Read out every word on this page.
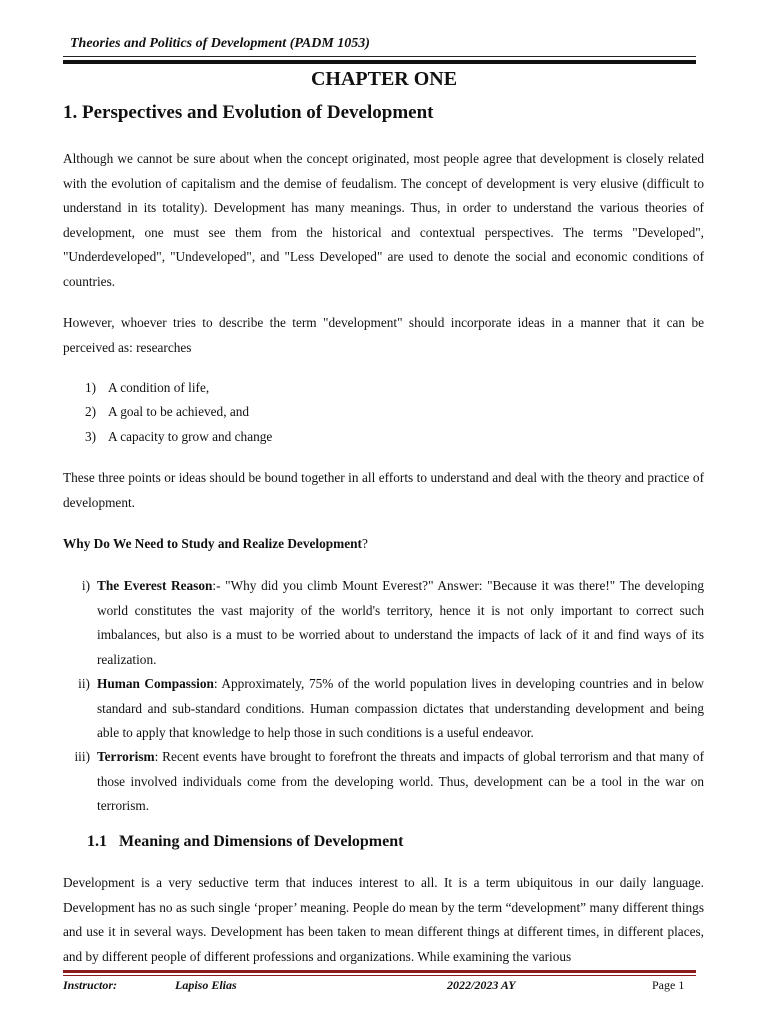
Theories and Politics of Development (PADM 1053)
CHAPTER ONE
1. Perspectives and Evolution of Development

Although we cannot be sure about when the concept originated, most people agree that development is closely related with the evolution of capitalism and the demise of feudalism. The concept of development is very elusive (difficult to understand in its totality). Development has many meanings. Thus, in order to understand the various theories of development, one must see them from the historical and contextual perspectives. The terms "Developed", "Underdeveloped", "Undeveloped", and "Less Developed" are used to denote the social and economic conditions of countries.

However, whoever tries to describe the term "development" should incorporate ideas in a manner that it can be perceived as: researches

1) A condition of life,
2) A goal to be achieved, and
3) A capacity to grow and change

These three points or ideas should be bound together in all efforts to understand and deal with the theory and practice of development.

Why Do We Need to Study and Realize Development?
i) The Everest Reason:- "Why did you climb Mount Everest?" Answer: "Because it was there!" The developing world constitutes the vast majority of the world's territory, hence it is not only important to correct such imbalances, but also is a must to be worried about to understand the impacts of lack of it and find ways of its realization.
ii) Human Compassion: Approximately, 75% of the world population lives in developing countries and in below standard and sub-standard conditions. Human compassion dictates that understanding development and being able to apply that knowledge to help those in such conditions is a useful endeavor.
iii) Terrorism: Recent events have brought to forefront the threats and impacts of global terrorism and that many of those involved individuals come from the developing world. Thus, development can be a tool in the war on terrorism.
1.1   Meaning and Dimensions of Development

Development is a very seductive term that induces interest to all. It is a term ubiquitous in our daily language. Development has no as such single ‘proper’ meaning. People do mean by the term “development” many different things and use it in several ways. Development has been taken to mean different things at different times, in different places, and by different people of different professions and organizations. While examining the various

Instructor:	Lapiso Elias	2022/2023 AY	Page 1
